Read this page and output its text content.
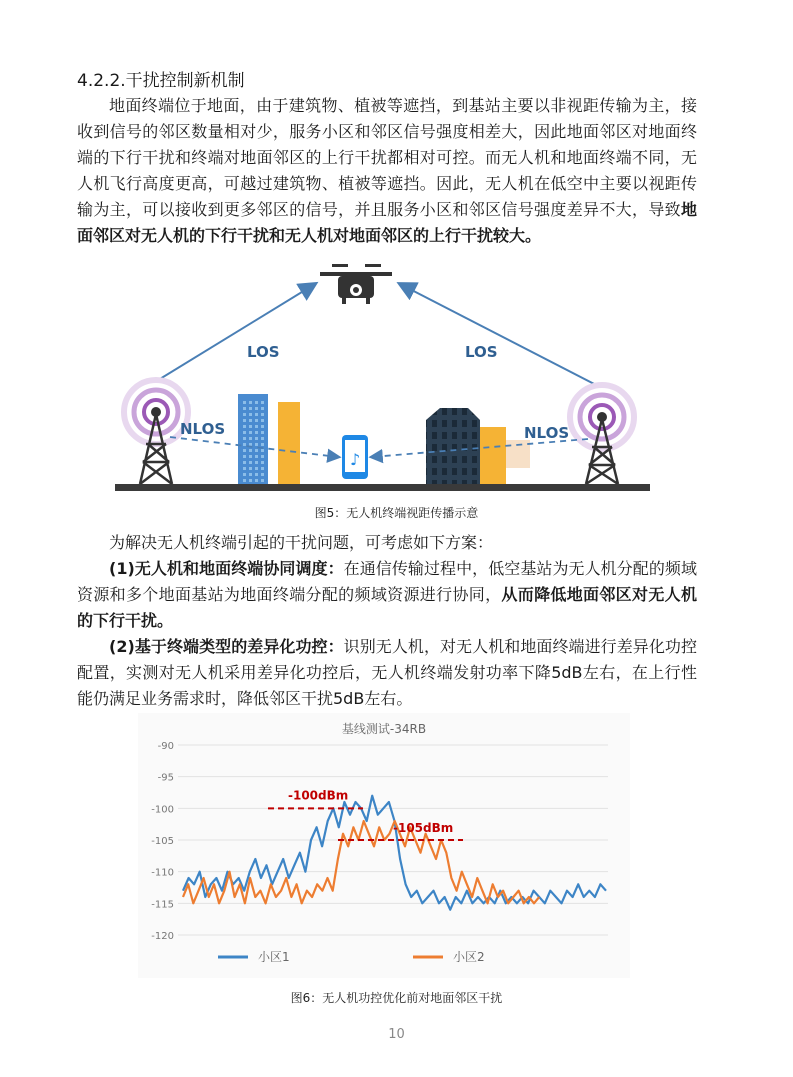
4.2.2.干扰控制新机制

地面终端位于地面，由于建筑物、植被等遮挡，到基站主要以非视距传输为主，接收到信号的邻区数量相对少，服务小区和邻区信号强度相差大，因此地面邻区对地面终端的下行干扰和终端对地面邻区的上行干扰都相对可控。而无人机和地面终端不同，无人机飞行高度更高，可越过建筑物、植被等遮挡。因此，无人机在低空中主要以视距传输为主，可以接收到更多邻区的信号，并且服务小区和邻区信号强度差异不大，导致地面邻区对无人机的下行干扰和无人机对地面邻区的上行干扰较大。

LOS	LOS
♪
NLOS	NLOS
图5：无人机终端视距传播示意

为解决无人机终端引起的干扰问题，可考虑如下方案：

(1)无人机和地面终端协同调度：在通信传输过程中，低空基站为无人机分配的频域资源和多个地面基站为地面终端分配的频域资源进行协同，从而降低地面邻区对无人机的下行干扰。

(2)基于终端类型的差异化功控：识别无人机，对无人机和地面终端进行差异化功控配置，实测对无人机采用差异化功控后，无人机终端发射功率下降5dB左右，在上行性能仍满足业务需求时，降低邻区干扰5dB左右。

基线测试-34RB
-90
-95
-100
-105
-110
-115
-120
-100dBm
-105dBm
小区1	小区2
图6：无人机功控优化前对地面邻区干扰
10
